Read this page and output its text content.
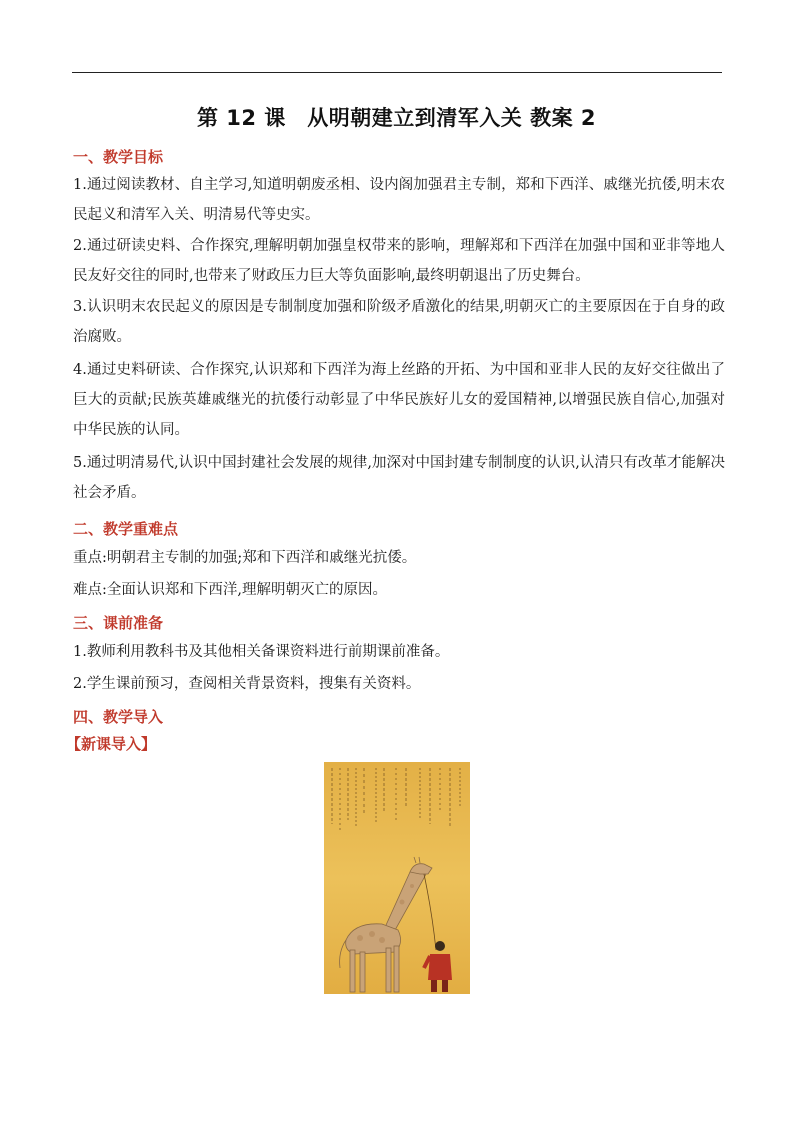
第 12 课　从明朝建立到清军入关 教案 2
一、教学目标
1.通过阅读教材、自主学习,知道明朝废丞相、设内阁加强君主专制，郑和下西洋、戚继光抗倭,明末农民起义和清军入关、明清易代等史实。
2.通过研读史料、合作探究,理解明朝加强皇权带来的影响，理解郑和下西洋在加强中国和亚非等地人民友好交往的同时,也带来了财政压力巨大等负面影响,最终明朝退出了历史舞台。
3.认识明末农民起义的原因是专制制度加强和阶级矛盾激化的结果,明朝灭亡的主要原因在于自身的政治腐败。
4.通过史料研读、合作探究,认识郑和下西洋为海上丝路的开拓、为中国和亚非人民的友好交往做出了巨大的贡献;民族英雄戚继光的抗倭行动彰显了中华民族好儿女的爱国精神,以增强民族自信心,加强对中华民族的认同。
5.通过明清易代,认识中国封建社会发展的规律,加深对中国封建专制制度的认识,认清只有改革才能解决社会矛盾。
二、教学重难点
重点:明朝君主专制的加强;郑和下西洋和戚继光抗倭。
难点:全面认识郑和下西洋,理解明朝灭亡的原因。
三、课前准备
1.教师利用教科书及其他相关备课资料进行前期课前准备。
2.学生课前预习，查阅相关背景资料，搜集有关资料。
四、教学导入
【新课导入】
